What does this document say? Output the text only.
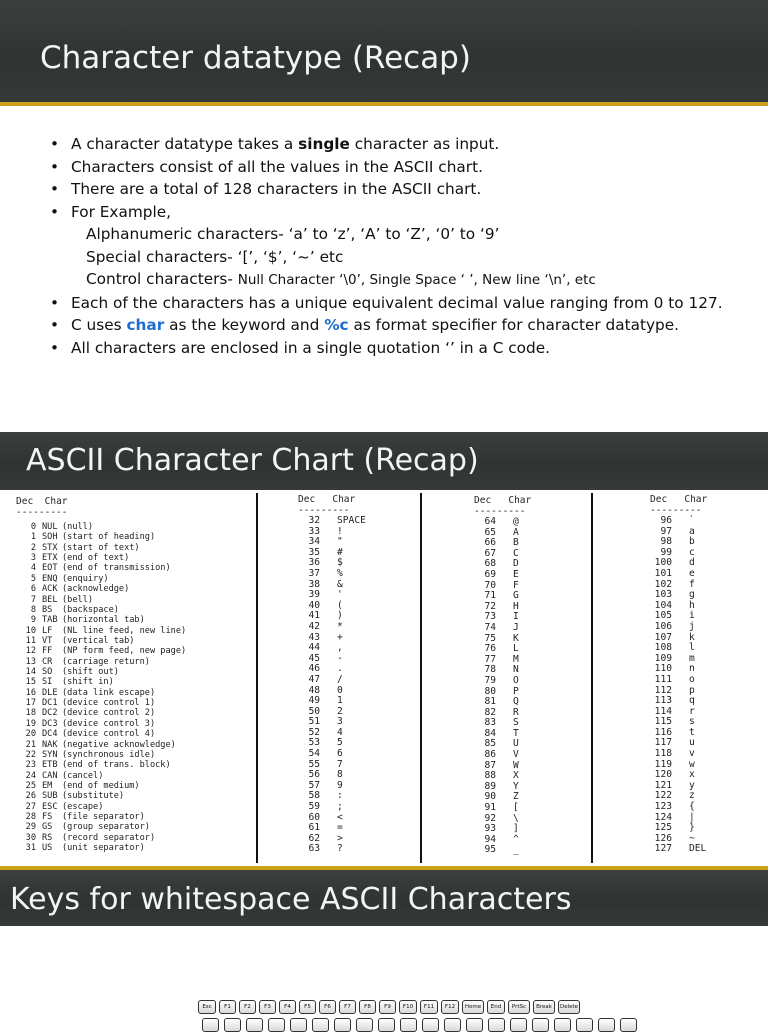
Character datatype (Recap)
• A character datatype takes a single character as input.
• Characters consist of all the values in the ASCII chart.
• There are a total of 128 characters in the ASCII chart.
• For Example,
Alphanumeric characters- ‘a’ to ‘z’, ‘A’ to ‘Z’, ‘0’ to ‘9’
Special characters- ‘[’, ‘$’, ‘~’ etc
Control characters- Null Character ‘\0’, Single Space ‘ ’, New line ‘\n’, etc
• Each of the characters has a unique equivalent decimal value ranging from 0 to 127.
• C uses char as the keyword and %c as format specifier for character datatype.
• All characters are enclosed in a single quotation ‘’ in a C code.
ASCII Character Chart (Recap)
Dec Char
---------
0 NUL (null)
1 SOH (start of heading)
2 STX (start of text)
3 ETX (end of text)
4 EOT (end of transmission)
5 ENQ (enquiry)
6 ACK (acknowledge)
7 BEL (bell)
8 BS (backspace)
9 TAB (horizontal tab)
10 LF (NL line feed, new line)
11 VT (vertical tab)
12 FF (NP form feed, new page)
13 CR (carriage return)
14 SO (shift out)
15 SI (shift in)
16 DLE (data link escape)
17 DC1 (device control 1)
18 DC2 (device control 2)
19 DC3 (device control 3)
20 DC4 (device control 4)
21 NAK (negative acknowledge)
22 SYN (synchronous idle)
23 ETB (end of trans. block)
24 CAN (cancel)
25 EM (end of medium)
26 SUB (substitute)
27 ESC (escape)
28 FS (file separator)
29 GS (group separator)
30 RS (record separator)
31 US (unit separator)
Dec Char
---------
32 SPACE
33 !
34 "
35 #
36 $
37 %
38 &
39 '
40 (
41 )
42 *
43 +
44 ,
45 -
46 .
47 /
48 0
49 1
50 2
51 3
52 4
53 5
54 6
55 7
56 8
57 9
58 :
59 ;
60 <
61 =
62 >
63 ?
Dec Char
---------
64 @
65 A
66 B
67 C
68 D
69 E
70 F
71 G
72 H
73 I
74 J
75 K
76 L
77 M
78 N
79 O
80 P
81 Q
82 R
83 S
84 T
85 U
86 V
87 W
88 X
89 Y
90 Z
91 [
92 \
93 ]
94 ^
95 _
Dec Char
---------
96 `
97 a
98 b
99 c
100 d
101 e
102 f
103 g
104 h
105 i
106 j
107 k
108 l
109 m
110 n
111 o
112 p
113 q
114 r
115 s
116 t
117 u
118 v
119 w
120 x
121 y
122 z
123 {
124 |
125 }
126 ~
127 DEL
Keys for whitespace ASCII Characters
Esc	F1	F2	F3	F4	F5	F6	F7	F8	F9	F10	F11	F12	Home	End	PrtSc	Break	Delete
